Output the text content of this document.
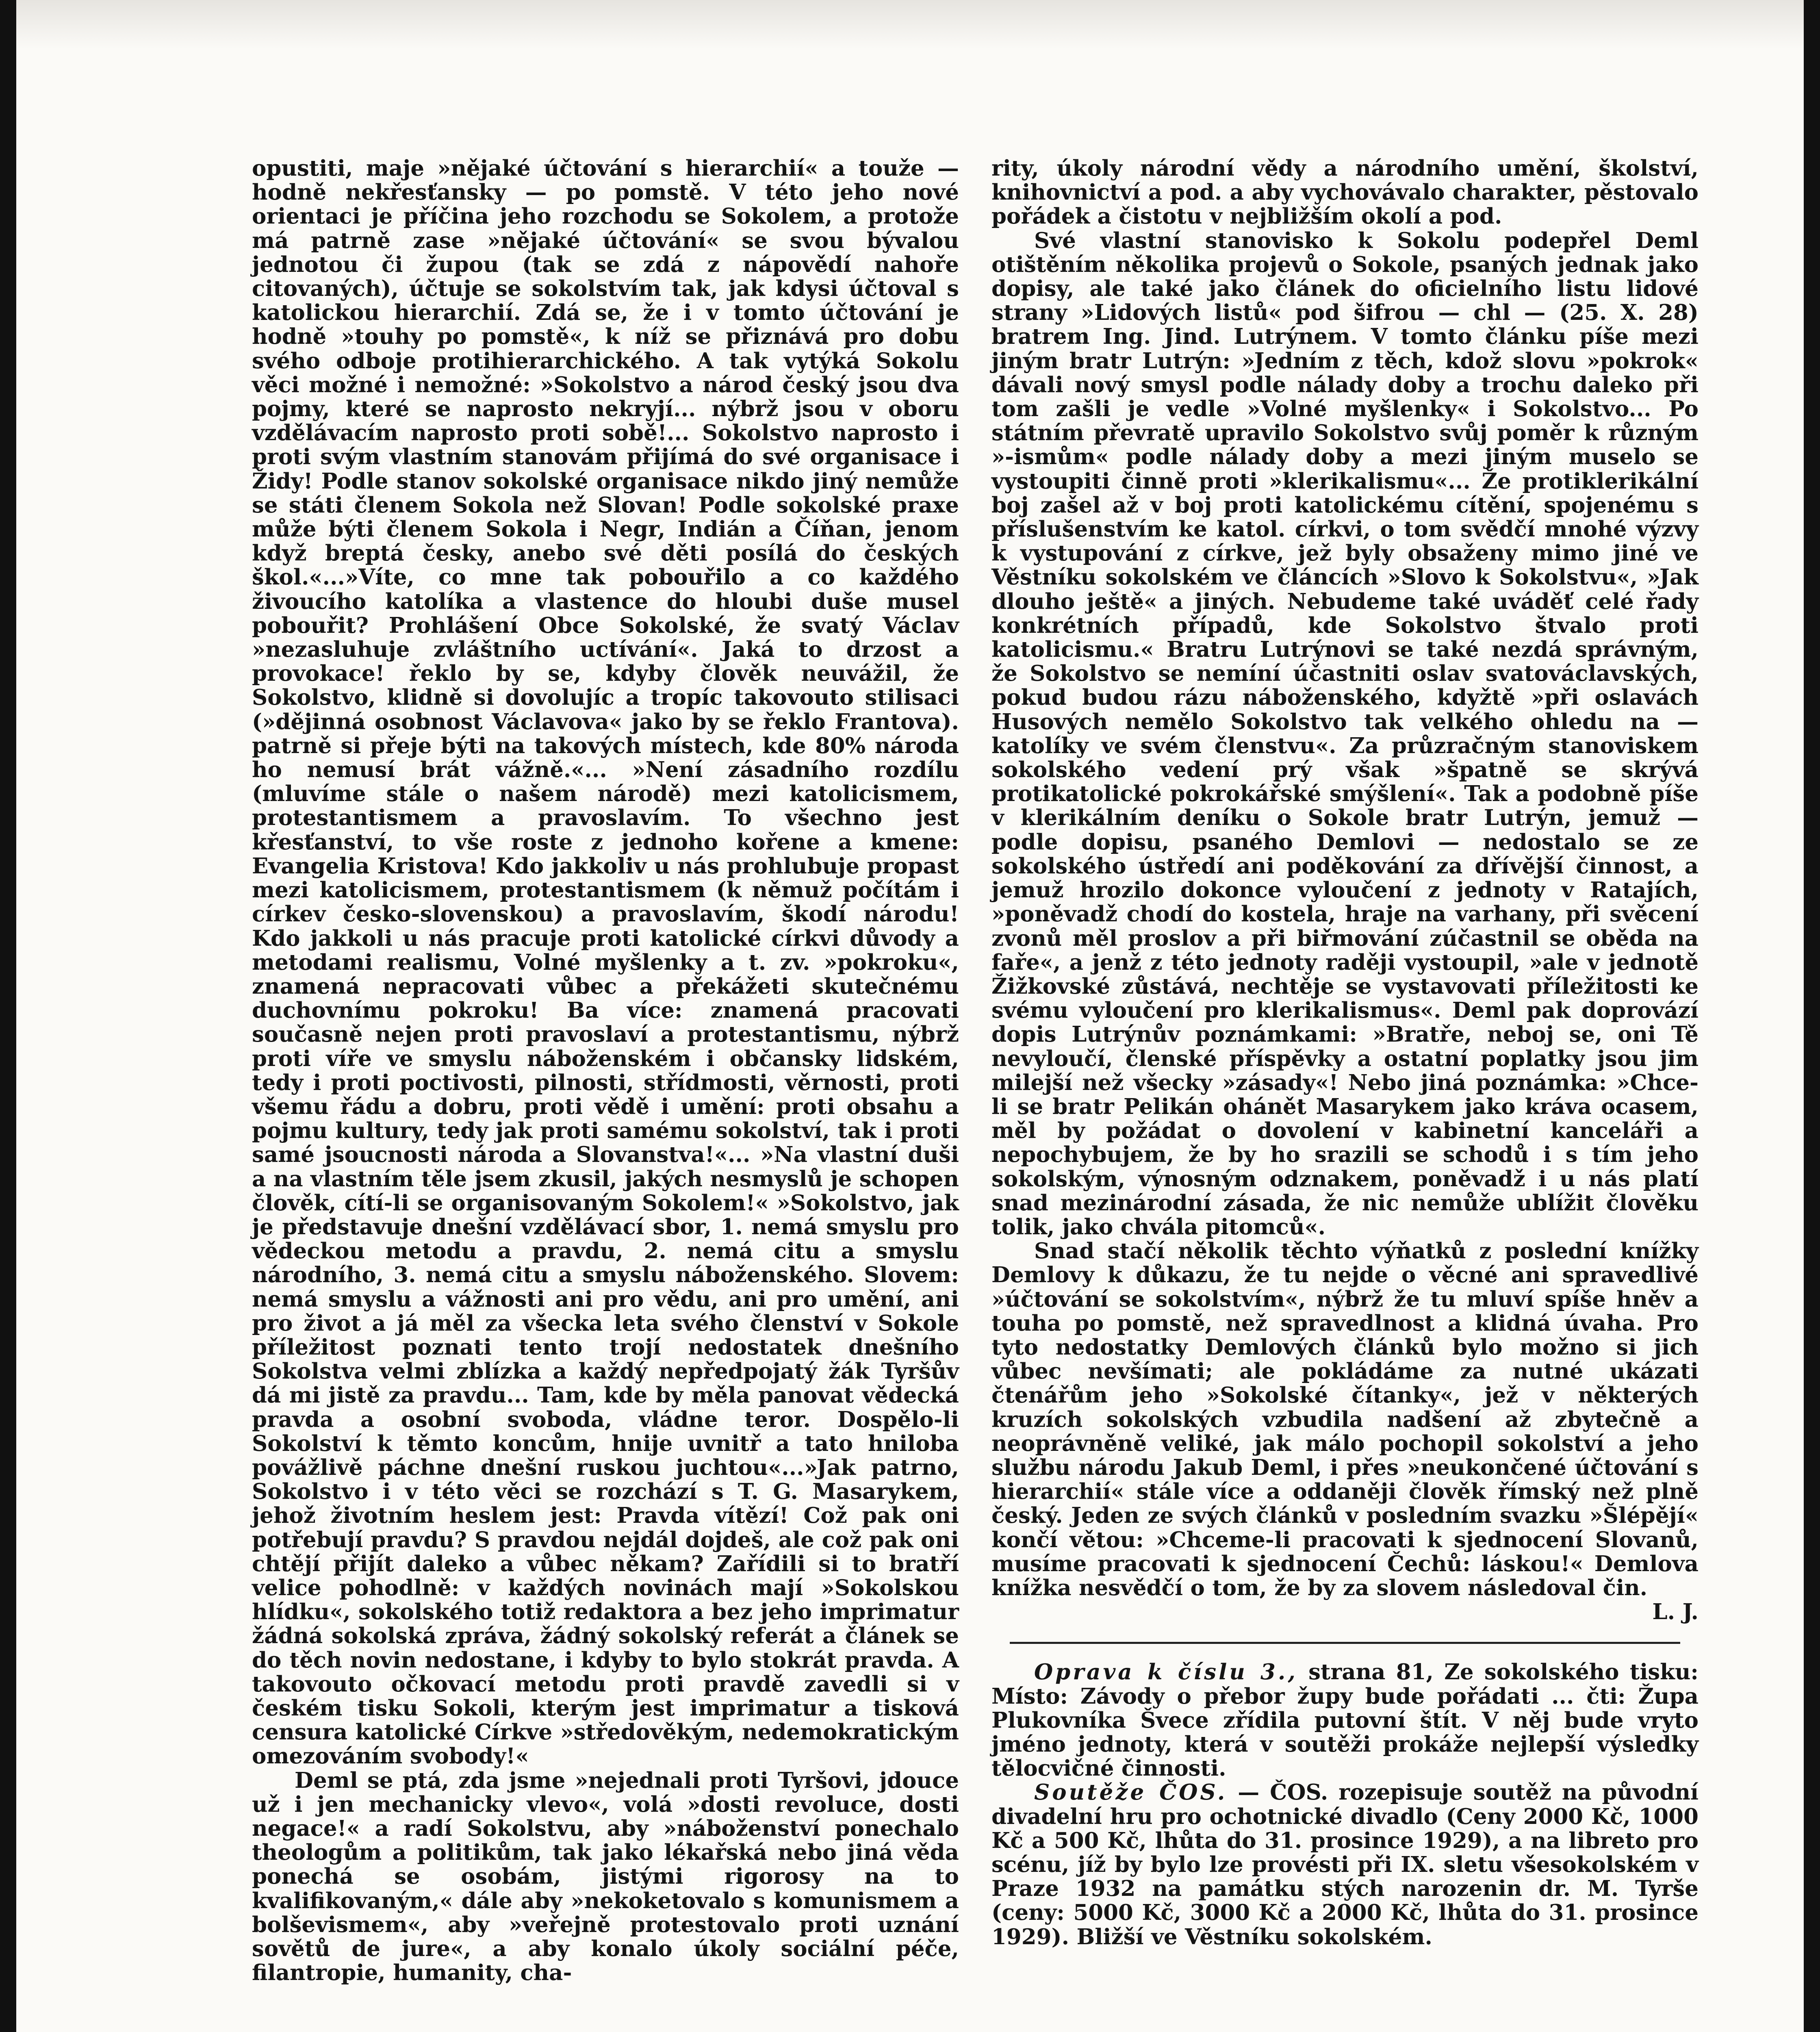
opustiti, maje »nějaké účtování s hierarchií« a touže — hodně nekřesťansky — po pomstě. V této jeho nové orientaci je příčina jeho rozchodu se Sokolem, a protože má patrně zase »nějaké účtování« se svou bývalou jednotou či župou (tak se zdá z nápovědí nahoře citovaných), účtuje se sokolstvím tak, jak kdysi účtoval s katolickou hierarchií. Zdá se, že i v tomto účtování je hodně »touhy po pomstě«, k níž se přiznává pro dobu svého odboje protihierarchického. A tak vytýká Sokolu věci možné i nemožné: »Sokolstvo a národ český jsou dva pojmy, které se naprosto nekryjí... nýbrž jsou v oboru vzdělávacím naprosto proti sobě!... Sokolstvo naprosto i proti svým vlastním stanovám přijímá do své organisace i Židy! Podle stanov sokolské organisace nikdo jiný nemůže se státi členem Sokola než Slovan! Podle sokolské praxe může býti členem Sokola i Negr, Indián a Číňan, jenom když breptá česky, anebo své děti posílá do českých škol.«...»Víte, co mne tak pobouřilo a co každého živoucího katolíka a vlastence do hloubi duše musel pobouřit? Prohlášení Obce Sokolské, že svatý Václav »nezasluhuje zvláštního uctívání«. Jaká to drzost a provokace! řeklo by se, kdyby člověk neuvážil, že Sokolstvo, klidně si dovolujíc a tropíc takovouto stilisaci (»dějinná osobnost Václavova« jako by se řeklo Frantova). patrně si přeje býti na takových místech, kde 80% národa ho nemusí brát vážně.«... »Není zásadního rozdílu (mluvíme stále o našem národě) mezi katolicismem, protestantismem a pravoslavím. To všechno jest křesťanství, to vše roste z jednoho kořene a kmene: Evangelia Kristova! Kdo jakkoliv u nás prohlubuje propast mezi katolicismem, protestantismem (k němuž počítám i církev česko-slovenskou) a pravoslavím, škodí národu! Kdo jakkoli u nás pracuje proti katolické církvi důvody a metodami realismu, Volné myšlenky a t. zv. »pokroku«, znamená nepracovati vůbec a překážeti skutečnému duchovnímu pokroku! Ba více: znamená pracovati současně nejen proti pravoslaví a protestantismu, nýbrž proti víře ve smyslu náboženském i občansky lidském, tedy i proti poctivosti, pilnosti, střídmosti, věrnosti, proti všemu řádu a dobru, proti vědě i umění: proti obsahu a pojmu kultury, tedy jak proti samému sokolství, tak i proti samé jsoucnosti národa a Slovanstva!«... »Na vlastní duši a na vlastním těle jsem zkusil, jakých nesmyslů je schopen člověk, cítí-li se organisovaným Sokolem!« »Sokolstvo, jak je představuje dnešní vzdělávací sbor, 1. nemá smyslu pro vědeckou metodu a pravdu, 2. nemá citu a smyslu národního, 3. nemá citu a smyslu náboženského. Slovem: nemá smyslu a vážnosti ani pro vědu, ani pro umění, ani pro život a já měl za všecka leta svého členství v Sokole příležitost poznati tento trojí nedostatek dnešního Sokolstva velmi zblízka a každý nepředpojatý žák Tyršův dá mi jistě za pravdu... Tam, kde by měla panovat vědecká pravda a osobní svoboda, vládne teror. Dospělo-li Sokolství k těmto koncům, hnije uvnitř a tato hniloba povážlivě páchne dnešní ruskou juchtou«...»Jak patrno, Sokolstvo i v této věci se rozchází s T. G. Masarykem, jehož životním heslem jest: Pravda vítězí! Což pak oni potřebují pravdu? S pravdou nejdál dojdeš, ale což pak oni chtějí přijít daleko a vůbec někam? Zařídili si to bratří velice pohodlně: v každých novinách mají »Sokolskou hlídku«, sokolského totiž redaktora a bez jeho imprimatur žádná sokolská zpráva, žádný sokolský referát a článek se do těch novin nedostane, i kdyby to bylo stokrát pravda. A takovouto očkovací metodu proti pravdě zavedli si v českém tisku Sokoli, kterým jest imprimatur a tisková censura katolické Církve »středověkým, nedemokratickým omezováním svobody!«

Deml se ptá, zda jsme »nejednali proti Tyršovi, jdouce už i jen mechanicky vlevo«, volá »dosti revoluce, dosti negace!« a radí Sokolstvu, aby »náboženství ponechalo theologům a politikům, tak jako lékařská nebo jiná věda ponechá se osobám, jistými rigorosy na to kvalifikovaným,« dále aby »nekoketovalo s komunismem a bolševismem«, aby »veřejně protestovalo proti uznání sovětů de jure«, a aby konalo úkoly sociální péče, filantropie, humanity, cha-

rity, úkoly národní vědy a národního umění, školství, knihovnictví a pod. a aby vychovávalo charakter, pěstovalo pořádek a čistotu v nejbližším okolí a pod.

Své vlastní stanovisko k Sokolu podepřel Deml otištěním několika projevů o Sokole, psaných jednak jako dopisy, ale také jako článek do oficielního listu lidové strany »Lidových listů« pod šifrou — chl — (25. X. 28) bratrem Ing. Jind. Lutrýnem. V tomto článku píše mezi jiným bratr Lutrýn: »Jedním z těch, kdož slovu »pokrok« dávali nový smysl podle nálady doby a trochu daleko při tom zašli je vedle »Volné myšlenky« i Sokolstvo... Po státním převratě upravilo Sokolstvo svůj poměr k různým »-ismům« podle nálady doby a mezi jiným muselo se vystoupiti činně proti »klerikalismu«... Že protiklerikální boj zašel až v boj proti katolickému cítění, spojenému s příslušenstvím ke katol. církvi, o tom svědčí mnohé výzvy k vystupování z církve, jež byly obsaženy mimo jiné ve Věstníku sokolském ve článcích »Slovo k Sokolstvu«, »Jak dlouho ještě« a jiných. Nebudeme také uváděť celé řady konkrétních případů, kde Sokolstvo štvalo proti katolicismu.« Bratru Lutrýnovi se také nezdá správným, že Sokolstvo se nemíní účastniti oslav svatováclavských, pokud budou rázu náboženského, kdyžtě »při oslavách Husových nemělo Sokolstvo tak velkého ohledu na — katolíky ve svém členstvu«. Za průzračným stanoviskem sokolského vedení prý však »špatně se skrývá protikatolické pokrokářské smýšlení«. Tak a podobně píše v klerikálním deníku o Sokole bratr Lutrýn, jemuž — podle dopisu, psaného Demlovi — nedostalo se ze sokolského ústředí ani poděkování za dřívější činnost, a jemuž hrozilo dokonce vyloučení z jednoty v Ratajích, »poněvadž chodí do kostela, hraje na varhany, při svěcení zvonů měl proslov a při biřmování zúčastnil se oběda na faře«, a jenž z této jednoty raději vystoupil, »ale v jednotě Žižkovské zůstává, nechtěje se vystavovati příležitosti ke svému vyloučení pro klerikalismus«. Deml pak doprovází dopis Lutrýnův poznámkami: »Bratře, neboj se, oni Tě nevyloučí, členské příspěvky a ostatní poplatky jsou jim milejší než všecky »zásady«! Nebo jiná poznámka: »Chce-li se bratr Pelikán ohánět Masarykem jako kráva ocasem, měl by požádat o dovolení v kabinetní kanceláři a nepochybujem, že by ho srazili se schodů i s tím jeho sokolským, výnosným odznakem, poněvadž i u nás platí snad mezinárodní zásada, že nic nemůže ublížit člověku tolik, jako chvála pitomců«.

Snad stačí několik těchto výňatků z poslední knížky Demlovy k důkazu, že tu nejde o věcné ani spravedlivé »účtování se sokolstvím«, nýbrž že tu mluví spíše hněv a touha po pomstě, než spravedlnost a klidná úvaha. Pro tyto nedostatky Demlových článků bylo možno si jich vůbec nevšímati; ale pokládáme za nutné ukázati čtenářům jeho »Sokolské čítanky«, jež v některých kruzích sokolských vzbudila nadšení až zbytečně a neoprávněně veliké, jak málo pochopil sokolství a jeho službu národu Jakub Deml, i přes »neukončené účtování s hierarchií« stále více a oddaněji člověk římský než plně český. Jeden ze svých článků v posledním svazku »Šlépějí« končí větou: »Chceme-li pracovati k sjednocení Slovanů, musíme pracovati k sjednocení Čechů: láskou!« Demlova knížka nesvědčí o tom, že by za slovem následoval čin.

L. J.

Oprava k číslu 3., strana 81, Ze sokolského tisku: Místo: Závody o přebor župy bude pořádati ... čti: Župa Plukovníka Švece zřídila putovní štít. V něj bude vryto jméno jednoty, která v soutěži prokáže nejlepší výsledky tělocvičné činnosti.

Soutěže ČOS. — ČOS. rozepisuje soutěž na původní divadelní hru pro ochotnické divadlo (Ceny 2000 Kč, 1000 Kč a 500 Kč, lhůta do 31. prosince 1929), a na libreto pro scénu, jíž by bylo lze provésti při IX. sletu všesokolském v Praze 1932 na památku stých narozenin dr. M. Tyrše (ceny: 5000 Kč, 3000 Kč a 2000 Kč, lhůta do 31. prosince 1929). Bližší ve Věstníku sokolském.
